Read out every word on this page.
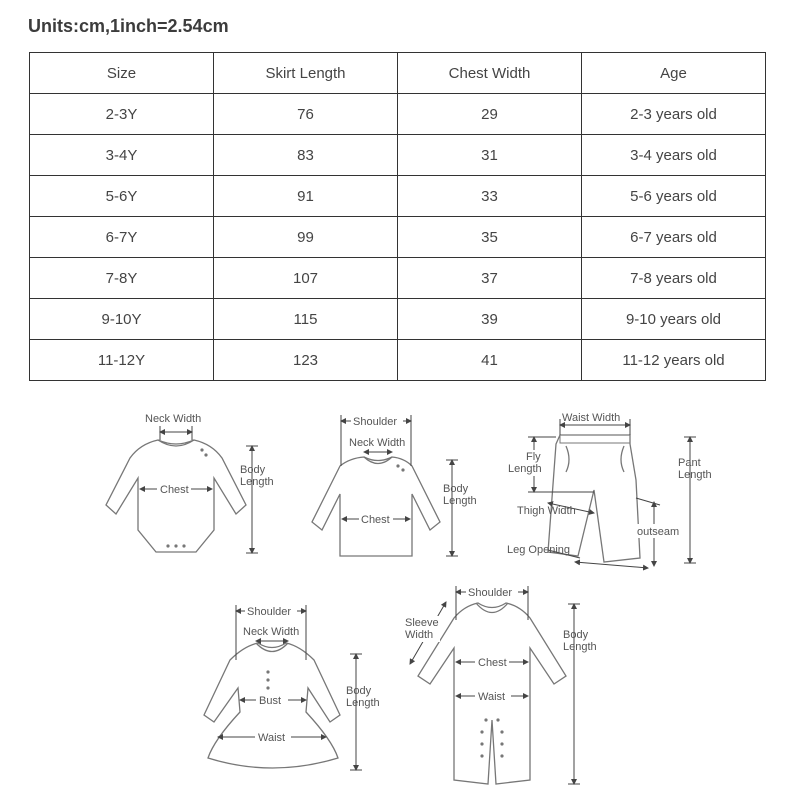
Units:cm,1inch=2.54cm
Size	Skirt Length	Chest Width	Age
2-3Y	76	29	2-3 years old
3-4Y	83	31	3-4 years old
5-6Y	91	33	5-6 years old
6-7Y	99	35	6-7 years old
7-8Y	107	37	7-8 years old
9-10Y	115	39	9-10 years old
11-12Y	123	41	11-12 years old
Neck Width
Chest
Body
Length
Shoulder
Neck Width
Chest
Body
Length
Waist Width
Fly
Length	Pant
Length
Thigh Width
outseam
Leg Opening
Shoulder
Neck Width
Bust
Waist
Body
Length
Shoulder
Sleeve
Width
Chest
Waist
Body
Length
